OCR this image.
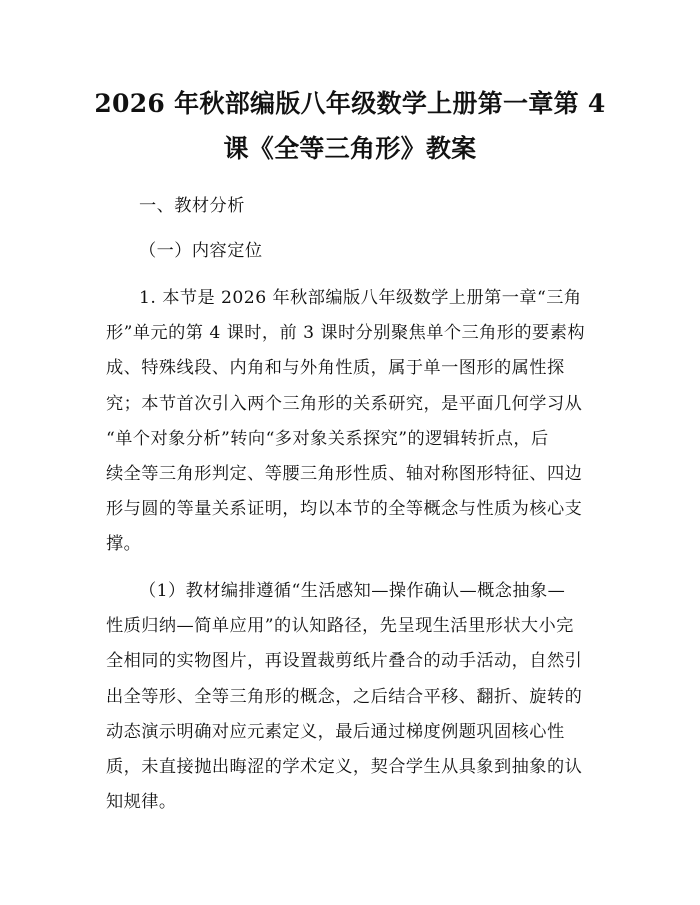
2026 年秋部编版八年级数学上册第一章第 4
课《全等三角形》教案
一、教材分析
（一）内容定位
1. 本节是 2026 年秋部编版八年级数学上册第一章“三角
形”单元的第 4 课时，前 3 课时分别聚焦单个三角形的要素构
成、特殊线段、内角和与外角性质，属于单一图形的属性探
究；本节首次引入两个三角形的关系研究，是平面几何学习从
“单个对象分析”转向“多对象关系探究”的逻辑转折点，后
续全等三角形判定、等腰三角形性质、轴对称图形特征、四边
形与圆的等量关系证明，均以本节的全等概念与性质为核心支
撑。
（1）教材编排遵循“生活感知—操作确认—概念抽象—
性质归纳—简单应用”的认知路径，先呈现生活里形状大小完
全相同的实物图片，再设置裁剪纸片叠合的动手活动，自然引
出全等形、全等三角形的概念，之后结合平移、翻折、旋转的
动态演示明确对应元素定义，最后通过梯度例题巩固核心性
质，未直接抛出晦涩的学术定义，契合学生从具象到抽象的认
知规律。
